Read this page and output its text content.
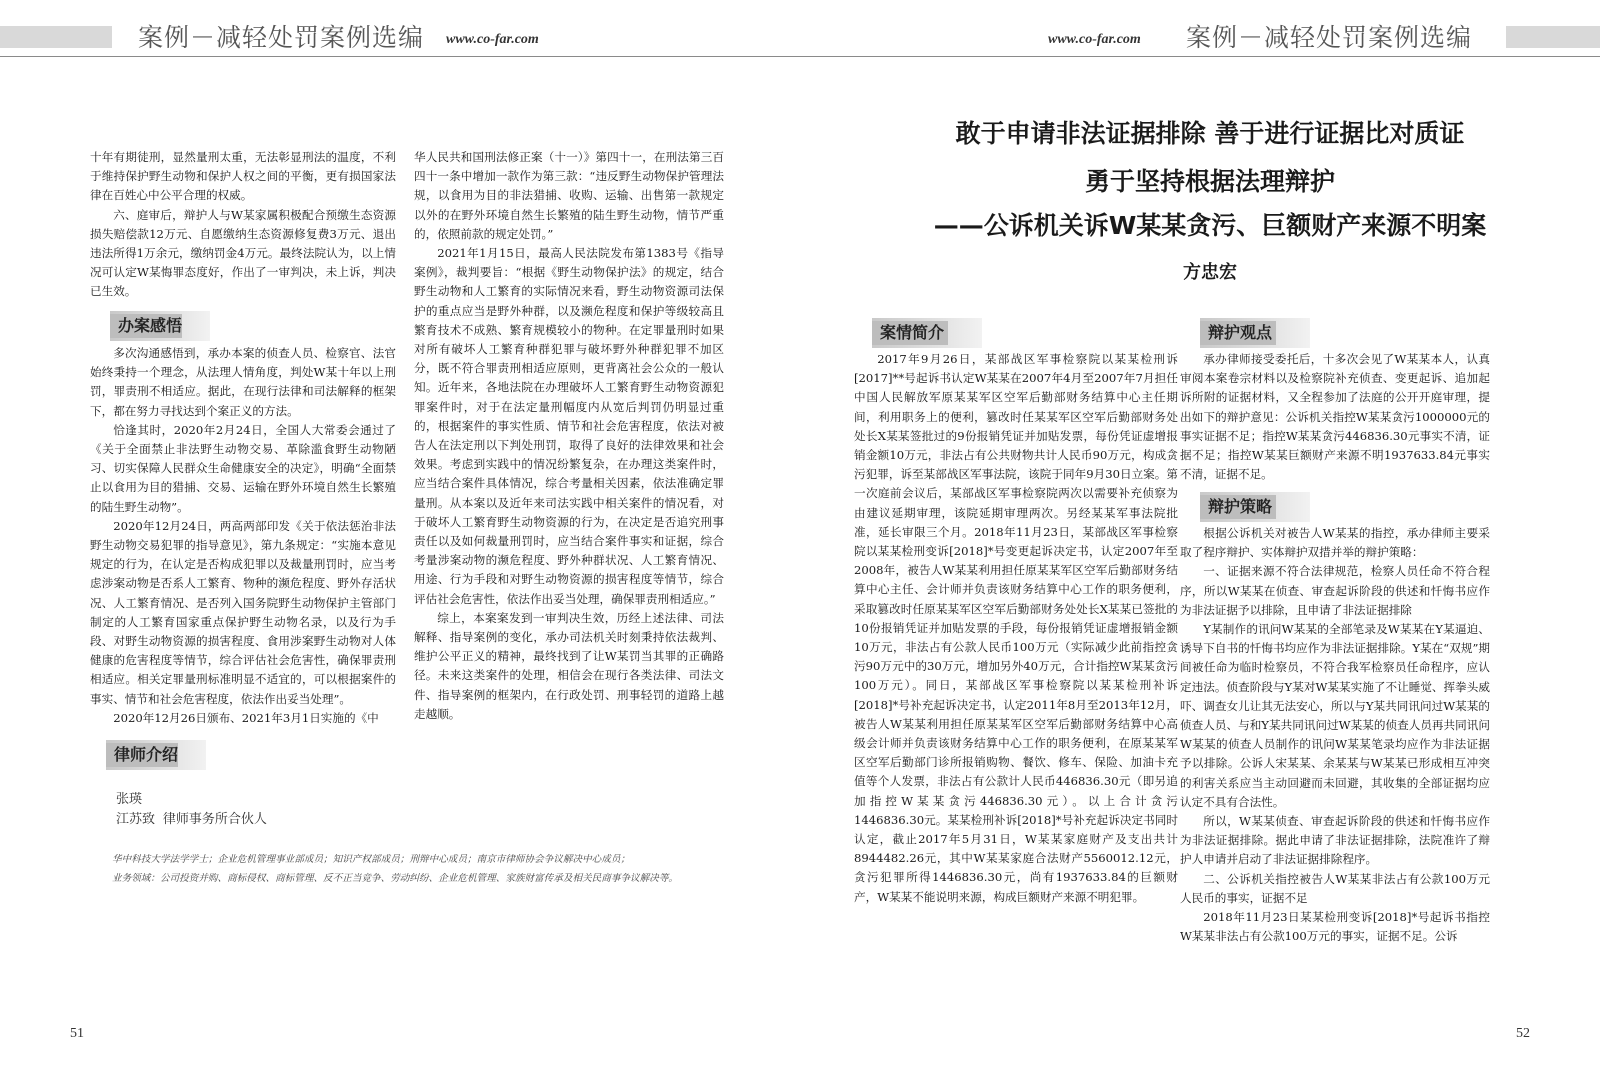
案例－减轻处罚案例选编 www.co-far.com

十年有期徒刑，显然量刑太重，无法彰显刑法的温度，不利于维持保护野生动物和保护人权之间的平衡，更有损国家法律在百姓心中公平合理的权威。

六、庭审后，辩护人与W某家属积极配合预缴生态资源损失赔偿款12万元、自愿缴纳生态资源修复费3万元、退出违法所得1万余元，缴纳罚金4万元。最终法院认为，以上情况可认定W某悔罪态度好，作出了一审判决，未上诉，判决已生效。

办案感悟

多次沟通感悟到，承办本案的侦查人员、检察官、法官始终秉持一个理念，从法理人情角度，判处W某十年以上刑罚，罪责刑不相适应。据此，在现行法律和司法解释的框架下，都在努力寻找达到个案正义的方法。

恰逢其时，2020年2月24日，全国人大常委会通过了《关于全面禁止非法野生动物交易、革除滥食野生动物陋习、切实保障人民群众生命健康安全的决定》，明确“全面禁止以食用为目的猎捕、交易、运输在野外环境自然生长繁殖的陆生野生动物”。

2020年12月24日，两高两部印发《关于依法惩治非法野生动物交易犯罪的指导意见》，第九条规定：“实施本意见规定的行为，在认定是否构成犯罪以及裁量刑罚时，应当考虑涉案动物是否系人工繁育、物种的濒危程度、野外存活状况、人工繁育情况、是否列入国务院野生动物保护主管部门制定的人工繁育国家重点保护野生动物名录，以及行为手段、对野生动物资源的损害程度、食用涉案野生动物对人体健康的危害程度等情节，综合评估社会危害性，确保罪责刑相适应。相关定罪量刑标准明显不适宜的，可以根据案件的事实、情节和社会危害程度，依法作出妥当处理”。

2020年12月26日颁布、2021年3月1日实施的《中

华人民共和国刑法修正案（十一）》第四十一，在刑法第三百四十一条中增加一款作为第三款：“违反野生动物保护管理法规，以食用为目的非法猎捕、收购、运输、出售第一款规定以外的在野外环境自然生长繁殖的陆生野生动物，情节严重的，依照前款的规定处罚。”

2021年1月15日，最高人民法院发布第1383号《指导案例》，裁判要旨：“根据《野生动物保护法》的规定，结合野生动物和人工繁育的实际情况来看，野生动物资源司法保护的重点应当是野外种群，以及濒危程度和保护等级较高且繁育技术不成熟、繁育规模较小的物种。在定罪量刑时如果对所有破坏人工繁育种群犯罪与破坏野外种群犯罪不加区分，既不符合罪责刑相适应原则，更背离社会公众的一般认知。近年来，各地法院在办理破坏人工繁育野生动物资源犯罪案件时，对于在法定量刑幅度内从宽后判罚仍明显过重的，根据案件的事实性质、情节和社会危害程度，依法对被告人在法定刑以下判处刑罚，取得了良好的法律效果和社会效果。考虑到实践中的情况纷繁复杂，在办理这类案件时，应当结合案件具体情况，综合考量相关因素，依法准确定罪量刑。从本案以及近年来司法实践中相关案件的情况看，对于破坏人工繁育野生动物资源的行为，在决定是否追究刑事责任以及如何裁量刑罚时，应当结合案件事实和证据，综合考量涉案动物的濒危程度、野外种群状况、人工繁育情况、用途、行为手段和对野生动物资源的损害程度等情节，综合评估社会危害性，依法作出妥当处理，确保罪责刑相适应。”

综上，本案案发到一审判决生效，历经上述法律、司法解释、指导案例的变化，承办司法机关时刻秉持依法裁判、维护公平正义的精神，最终找到了让W某罚当其罪的正确路径。未来这类案件的处理，相信会在现行各类法律、司法文件、指导案例的框架内，在行政处罚、刑事轻罚的道路上越走越顺。

律师介绍
张瑛
江苏致 律师事务所合伙人
华中科技大学法学学士；企业危机管理事业部成员；知识产权部成员；刑辩中心成员；南京市律师协会争议解决中心成员；
业务领域：公司投资并购、商标侵权、商标管理、反不正当竞争、劳动纠纷、企业危机管理、家族财富传承及相关民商事争议解决等。
51
www.co-far.com 案例－减轻处罚案例选编
敢于申请非法证据排除 善于进行证据比对质证
勇于坚持根据法理辩护
——公诉机关诉W某某贪污、巨额财产来源不明案
方忠宏
案情简介

2017年9月26日，某部战区军事检察院以某某检刑诉[2017]**号起诉书认定W某某在2007年4月至2007年7月担任中国人民解放军原某某军区空军后勤部财务结算中心主任期间，利用职务上的便利，篡改时任某某军区空军后勤部财务处处长X某某签批过的9份报销凭证并加贴发票，每份凭证虚增报销金额10万元，非法占有公共财物共计人民币90万元，构成贪污犯罪，诉至某部战区军事法院，该院于同年9月30日立案。第一次庭前会议后，某部战区军事检察院两次以需要补充侦察为由建议延期审理，该院延期审理两次。另经某某军事法院批准，延长审限三个月。2018年11月23日，某部战区军事检察院以某某检刑变诉[2018]*号变更起诉决定书，认定2007年至2008年，被告人W某某利用担任原某某军区空军后勤部财务结算中心主任、会计师并负责该财务结算中心工作的职务便利，采取篡改时任原某某军区空军后勤部财务处处长X某某已签批的10份报销凭证并加贴发票的手段，每份报销凭证虚增报销金额10万元，非法占有公款人民币100万元（实际减少此前指控贪污90万元中的30万元，增加另外40万元，合计指控W某某贪污100万元）。同日，某部战区军事检察院以某某检刑补诉[2018]*号补充起诉决定书，认定2011年8月至2013年12月，被告人W某某利用担任原某某军区空军后勤部财务结算中心高级会计师并负责该财务结算中心工作的职务便利，在原某某军区空军后勤部门诊所报销购物、餐饮、修车、保险、加油卡充值等个人发票，非法占有公款计人民币446836.30元（即另追加指控W某某贪污446836.30元）。以上合计贪污1446836.30元。某某检刑补诉[2018]*号补充起诉决定书同时认定，截止2017年5月31日，W某某家庭财产及支出共计8944482.26元，其中W某某家庭合法财产5560012.12元，贪污犯罪所得1446836.30元，尚有1937633.84的巨额财产，W某某不能说明来源，构成巨额财产来源不明犯罪。

辩护观点

承办律师接受委托后，十多次会见了W某某本人，认真审阅本案卷宗材料以及检察院补充侦查、变更起诉、追加起诉所附的证据材料，又全程参加了法庭的公开开庭审理，提出如下的辩护意见：公诉机关指控W某某贪污1000000元的事实证据不足；指控W某某贪污446836.30元事实不清，证据不足；指控W某某巨额财产来源不明1937633.84元事实不清，证据不足。

辩护策略

根据公诉机关对被告人W某某的指控，承办律师主要采取了程序辩护、实体辩护双措并举的辩护策略：

一、证据来源不符合法律规范，检察人员任命不符合程序，所以W某某在侦查、审查起诉阶段的供述和忏悔书应作为非法证据予以排除，且申请了非法证据排除

Y某制作的讯问W某某的全部笔录及W某某在Y某逼迫、诱导下自书的忏悔书均应作为非法证据排除。Y某在“双规”期间被任命为临时检察员，不符合我军检察员任命程序，应认定违法。侦查阶段与Y某对W某某实施了不让睡觉、挥拳头威吓、调查女儿让其无法安心，所以与Y某共同讯问过W某某的侦查人员、与和Y某共同讯问过W某某的侦查人员再共同讯问W某某的侦查人员制作的讯问W某某笔录均应作为非法证据予以排除。公诉人宋某某、余某某与W某某已形成相互冲突的利害关系应当主动回避而未回避，其收集的全部证据均应认定不具有合法性。

所以，W某某侦查、审查起诉阶段的供述和忏悔书应作为非法证据排除。据此申请了非法证据排除，法院准许了辩护人申请并启动了非法证据排除程序。

二、公诉机关指控被告人W某某非法占有公款100万元人民币的事实，证据不足

2018年11月23日某某检刑变诉[2018]*号起诉书指控W某某非法占有公款100万元的事实，证据不足。公诉

52
